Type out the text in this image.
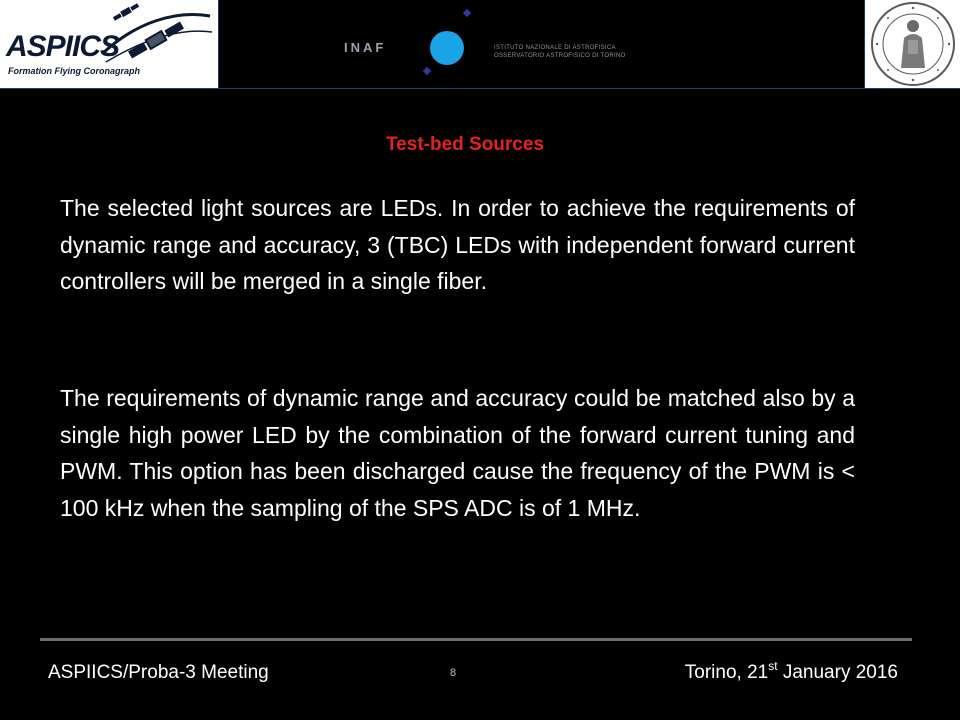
ASPIICS
Formation Flying Coronagraph
INAF	ISTITUTO NAZIONALE DI ASTROFISICA
OSSERVATORIO ASTROFISICO DI TORINO
Test-bed Sources

The selected light sources are LEDs. In order to achieve the requirements of dynamic range and accuracy, 3 (TBC) LEDs with independent forward current controllers will be merged in a single fiber.

The requirements of dynamic range and accuracy could be matched also by a single high power LED by the combination of the forward current tuning and PWM. This option has been discharged cause the frequency of the PWM is < 100 kHz when the sampling of the SPS ADC is of 1 MHz.

ASPIICS/Proba-3 Meeting	8	Torino, 21st January 2016
